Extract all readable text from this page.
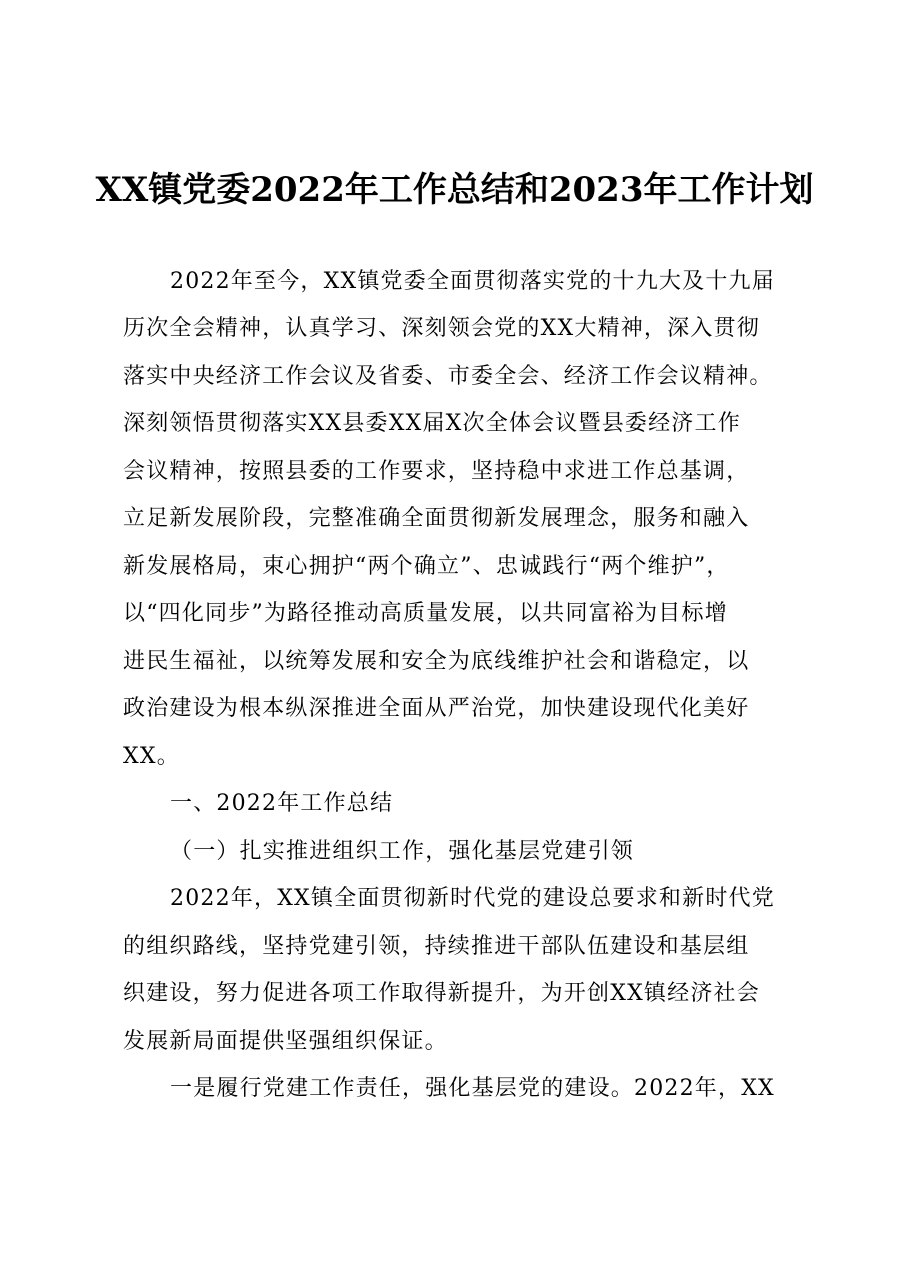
XX镇党委2022年工作总结和2023年工作计划
2022年至今，XX镇党委全面贯彻落实党的十九大及十九届
历次全会精神，认真学习、深刻领会党的XX大精神，深入贯彻
落实中央经济工作会议及省委、市委全会、经济工作会议精神。
深刻领悟贯彻落实XX县委XX届X次全体会议暨县委经济工作
会议精神，按照县委的工作要求，坚持稳中求进工作总基调，
立足新发展阶段，完整准确全面贯彻新发展理念，服务和融入
新发展格局，束心拥护“两个确立”、忠诚践行“两个维护”，
以“四化同步”为路径推动高质量发展，以共同富裕为目标增
进民生福祉，以统筹发展和安全为底线维护社会和谐稳定，以
政治建设为根本纵深推进全面从严治党，加快建设现代化美好
XX。
一、2022年工作总结
（一）扎实推进组织工作，强化基层党建引领
2022年，XX镇全面贯彻新时代党的建设总要求和新时代党
的组织路线，坚持党建引领，持续推进干部队伍建设和基层组
织建设，努力促进各项工作取得新提升，为开创XX镇经济社会
发展新局面提供坚强组织保证。
一是履行党建工作责任，强化基层党的建设。2022年，XX
